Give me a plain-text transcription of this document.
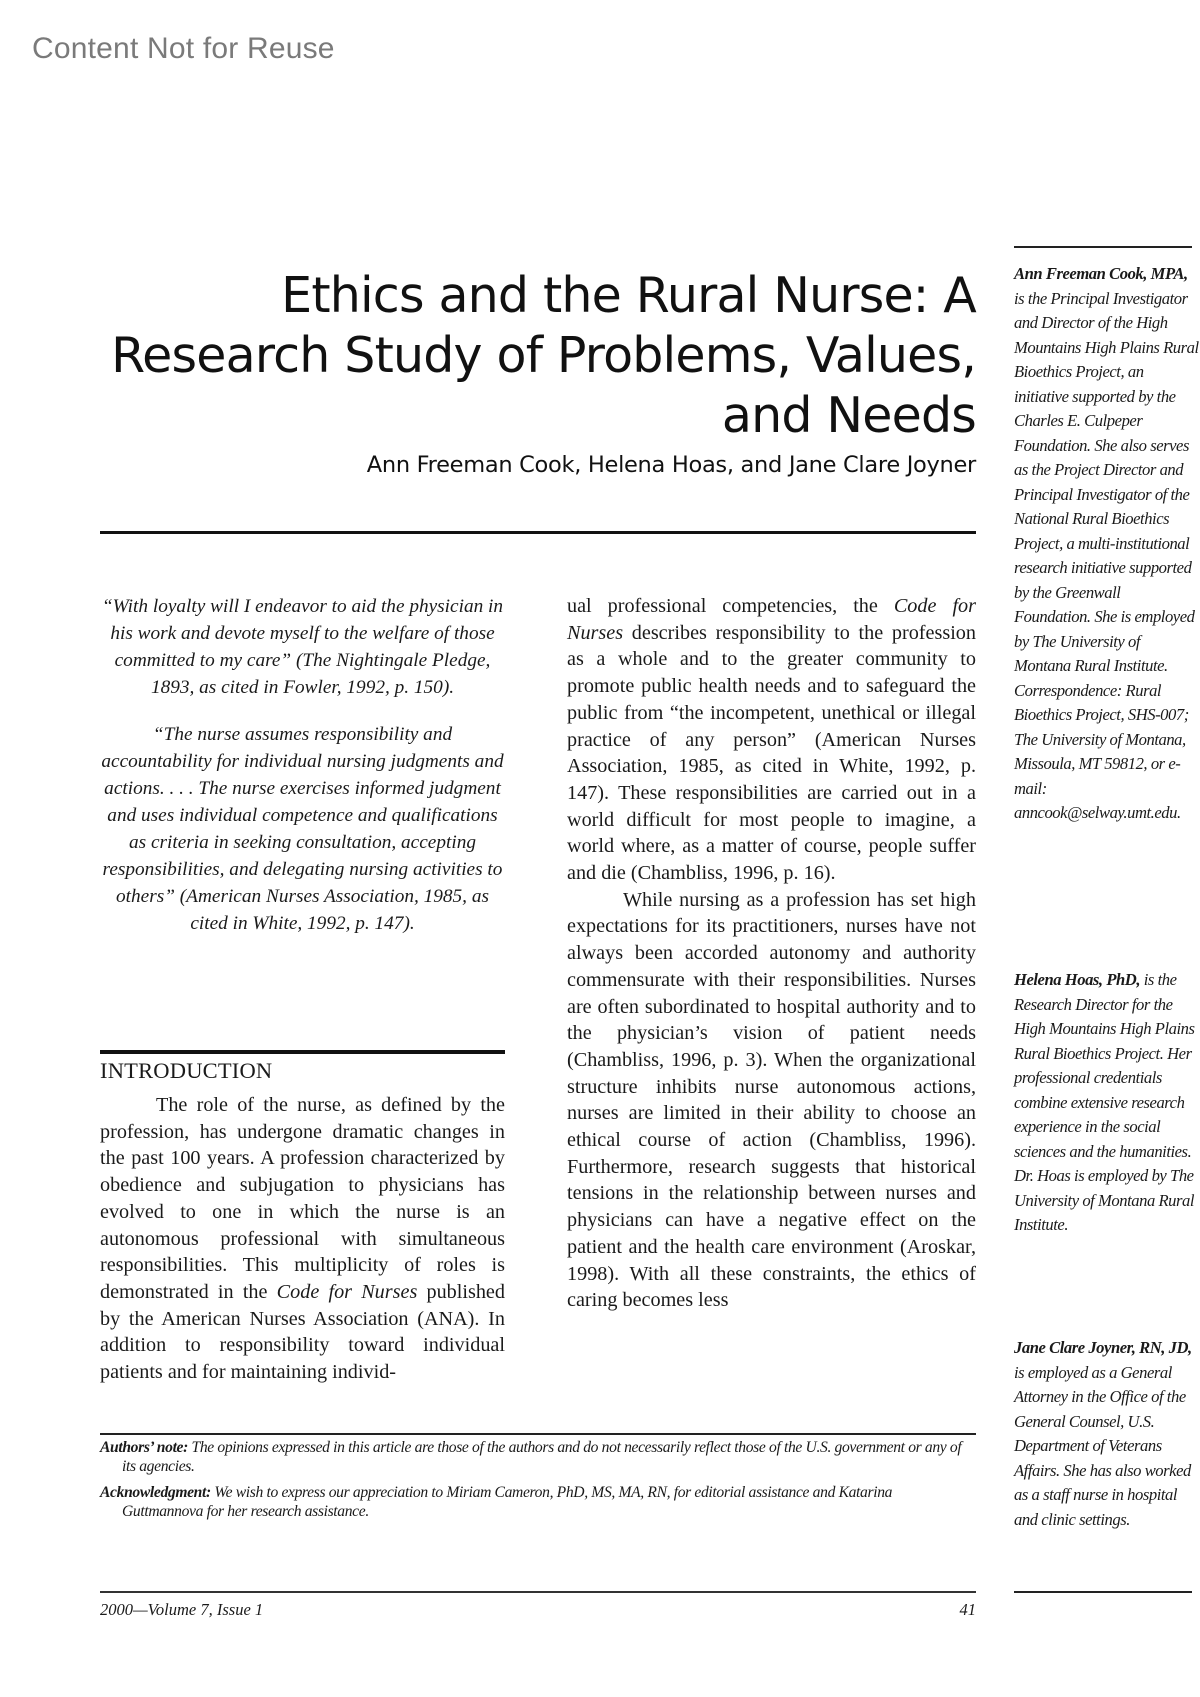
Content Not for Reuse
Ethics and the Rural Nurse: A Research Study of Problems, Values, and Needs
Ann Freeman Cook, Helena Hoas, and Jane Clare Joyner

“With loyalty will I endeavor to aid the physician in his work and devote myself to the welfare of those committed to my care” (The Nightingale Pledge, 1893, as cited in Fowler, 1992, p. 150).

“The nurse assumes responsibility and accountability for individual nursing judgments and actions. . . . The nurse exercises informed judgment and uses individual competence and qualifications as criteria in seeking consultation, accepting responsibilities, and delegating nursing activities to others” (American Nurses Association, 1985, as cited in White, 1992, p. 147).

INTRODUCTION

The role of the nurse, as defined by the profession, has undergone dramatic changes in the past 100 years. A profession characterized by obedience and subjugation to physicians has evolved to one in which the nurse is an autonomous professional with simultaneous responsibilities. This multiplicity of roles is demonstrated in the Code for Nurses published by the American Nurses Association (ANA). In addition to responsibility toward individual patients and for maintaining individ-

ual professional competencies, the Code for Nurses describes responsibility to the profession as a whole and to the greater community to promote public health needs and to safeguard the public from “the incompetent, unethical or illegal practice of any person” (American Nurses Association, 1985, as cited in White, 1992, p. 147). These responsibilities are carried out in a world difficult for most people to imagine, a world where, as a matter of course, people suffer and die (Chambliss, 1996, p. 16).

While nursing as a profession has set high expectations for its practitioners, nurses have not always been accorded autonomy and authority commensurate with their responsibilities. Nurses are often subordinated to hospital authority and to the physician’s vision of patient needs (Chambliss, 1996, p. 3). When the organizational structure inhibits nurse autonomous actions, nurses are limited in their ability to choose an ethical course of action (Chambliss, 1996). Furthermore, research suggests that historical tensions in the relationship between nurses and physicians can have a negative effect on the patient and the health care environment (Aroskar, 1998). With all these constraints, the ethics of caring becomes less

Authors’ note: The opinions expressed in this article are those of the authors and do not necessarily reflect those of the U.S. government or any of its agencies.
Acknowledgment: We wish to express our appreciation to Miriam Cameron, PhD, MS, MA, RN, for editorial assistance and Katarina Guttmannova for her research assistance.
2000—Volume 7, Issue 1	41
Ann Freeman Cook, MPA, is the Principal Investigator and Director of the High Mountains High Plains Rural Bioethics Project, an initiative supported by the Charles E. Culpeper Foundation. She also serves as the Project Director and Principal Investigator of the National Rural Bioethics Project, a multi-institutional research initiative supported by the Greenwall Foundation. She is employed by The University of Montana Rural Institute. Correspondence: Rural Bioethics Project, SHS-007; The University of Montana, Missoula, MT 59812, or e-mail: anncook@selway.umt.edu.
Helena Hoas, PhD, is the Research Director for the High Mountains High Plains Rural Bioethics Project. Her professional credentials combine extensive research experience in the social sciences and the humanities. Dr. Hoas is employed by The University of Montana Rural Institute.
Jane Clare Joyner, RN, JD, is employed as a General Attorney in the Office of the General Counsel, U.S. Department of Veterans Affairs. She has also worked as a staff nurse in hospital and clinic settings.
